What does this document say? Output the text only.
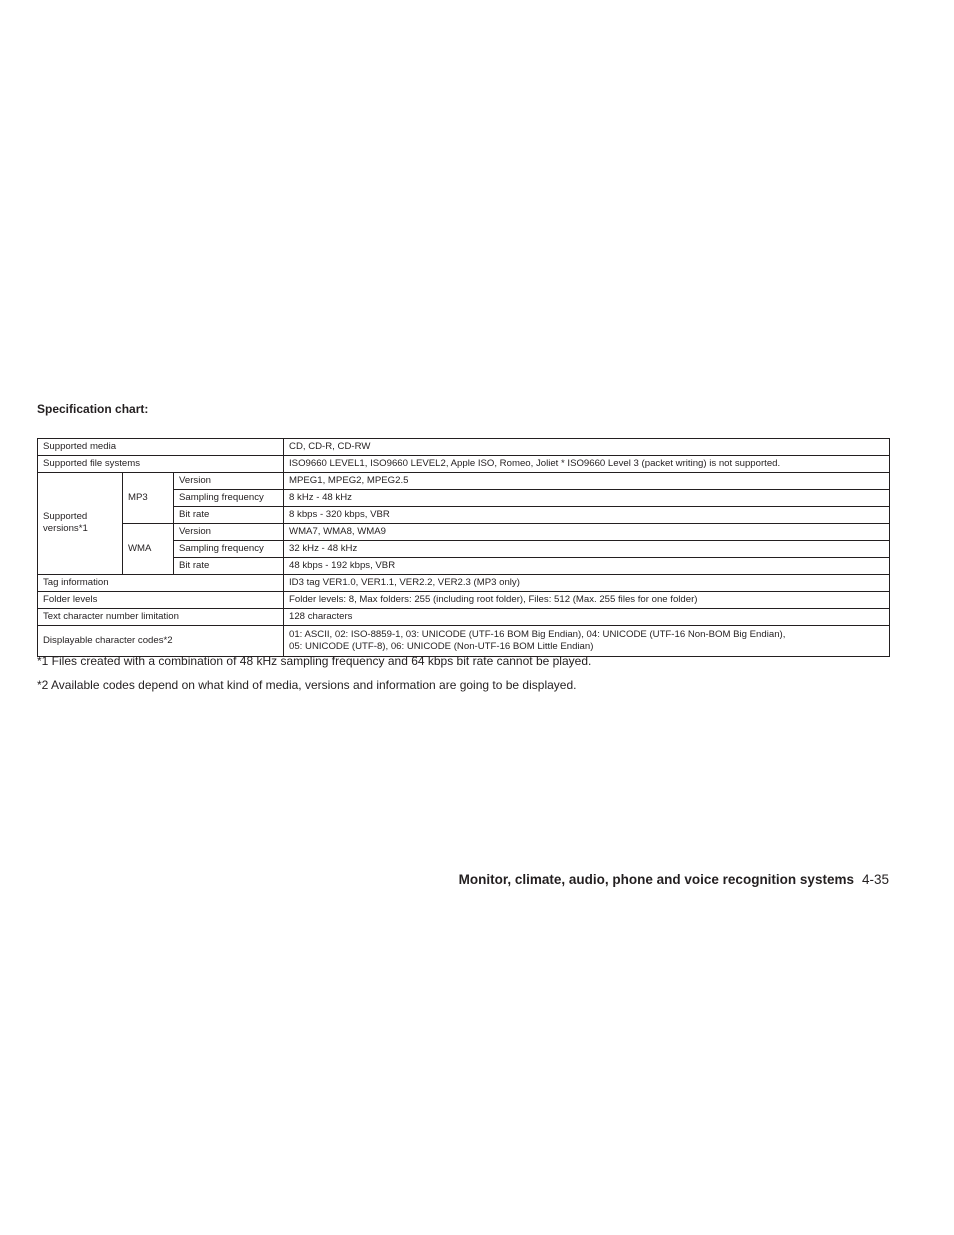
Specification chart:

Supported media			CD, CD-R, CD-RW
Supported file systems			ISO9660 LEVEL1, ISO9660 LEVEL2, Apple ISO, Romeo, Joliet * ISO9660 Level 3 (packet writing) is not supported.
Supported versions*1	MP3	Version	MPEG1, MPEG2, MPEG2.5
		Sampling frequency	8 kHz - 48 kHz
		Bit rate	8 kbps - 320 kbps, VBR
	WMA	Version	WMA7, WMA8, WMA9
		Sampling frequency	32 kHz - 48 kHz
		Bit rate	48 kbps - 192 kbps, VBR
Tag information			ID3 tag VER1.0, VER1.1, VER2.2, VER2.3 (MP3 only)
Folder levels			Folder levels: 8, Max folders: 255 (including root folder), Files: 512 (Max. 255 files for one folder)
Text character number limitation			128 characters
Displayable character codes*2			01: ASCII, 02: ISO-8859-1, 03: UNICODE (UTF-16 BOM Big Endian), 04: UNICODE (UTF-16 Non-BOM Big Endian),
05: UNICODE (UTF-8), 06: UNICODE (Non-UTF-16 BOM Little Endian)

*1 Files created with a combination of 48 kHz sampling frequency and 64 kbps bit rate cannot be played.

*2 Available codes depend on what kind of media, versions and information are going to be displayed.

Monitor, climate, audio, phone and voice recognition systems 4-35
